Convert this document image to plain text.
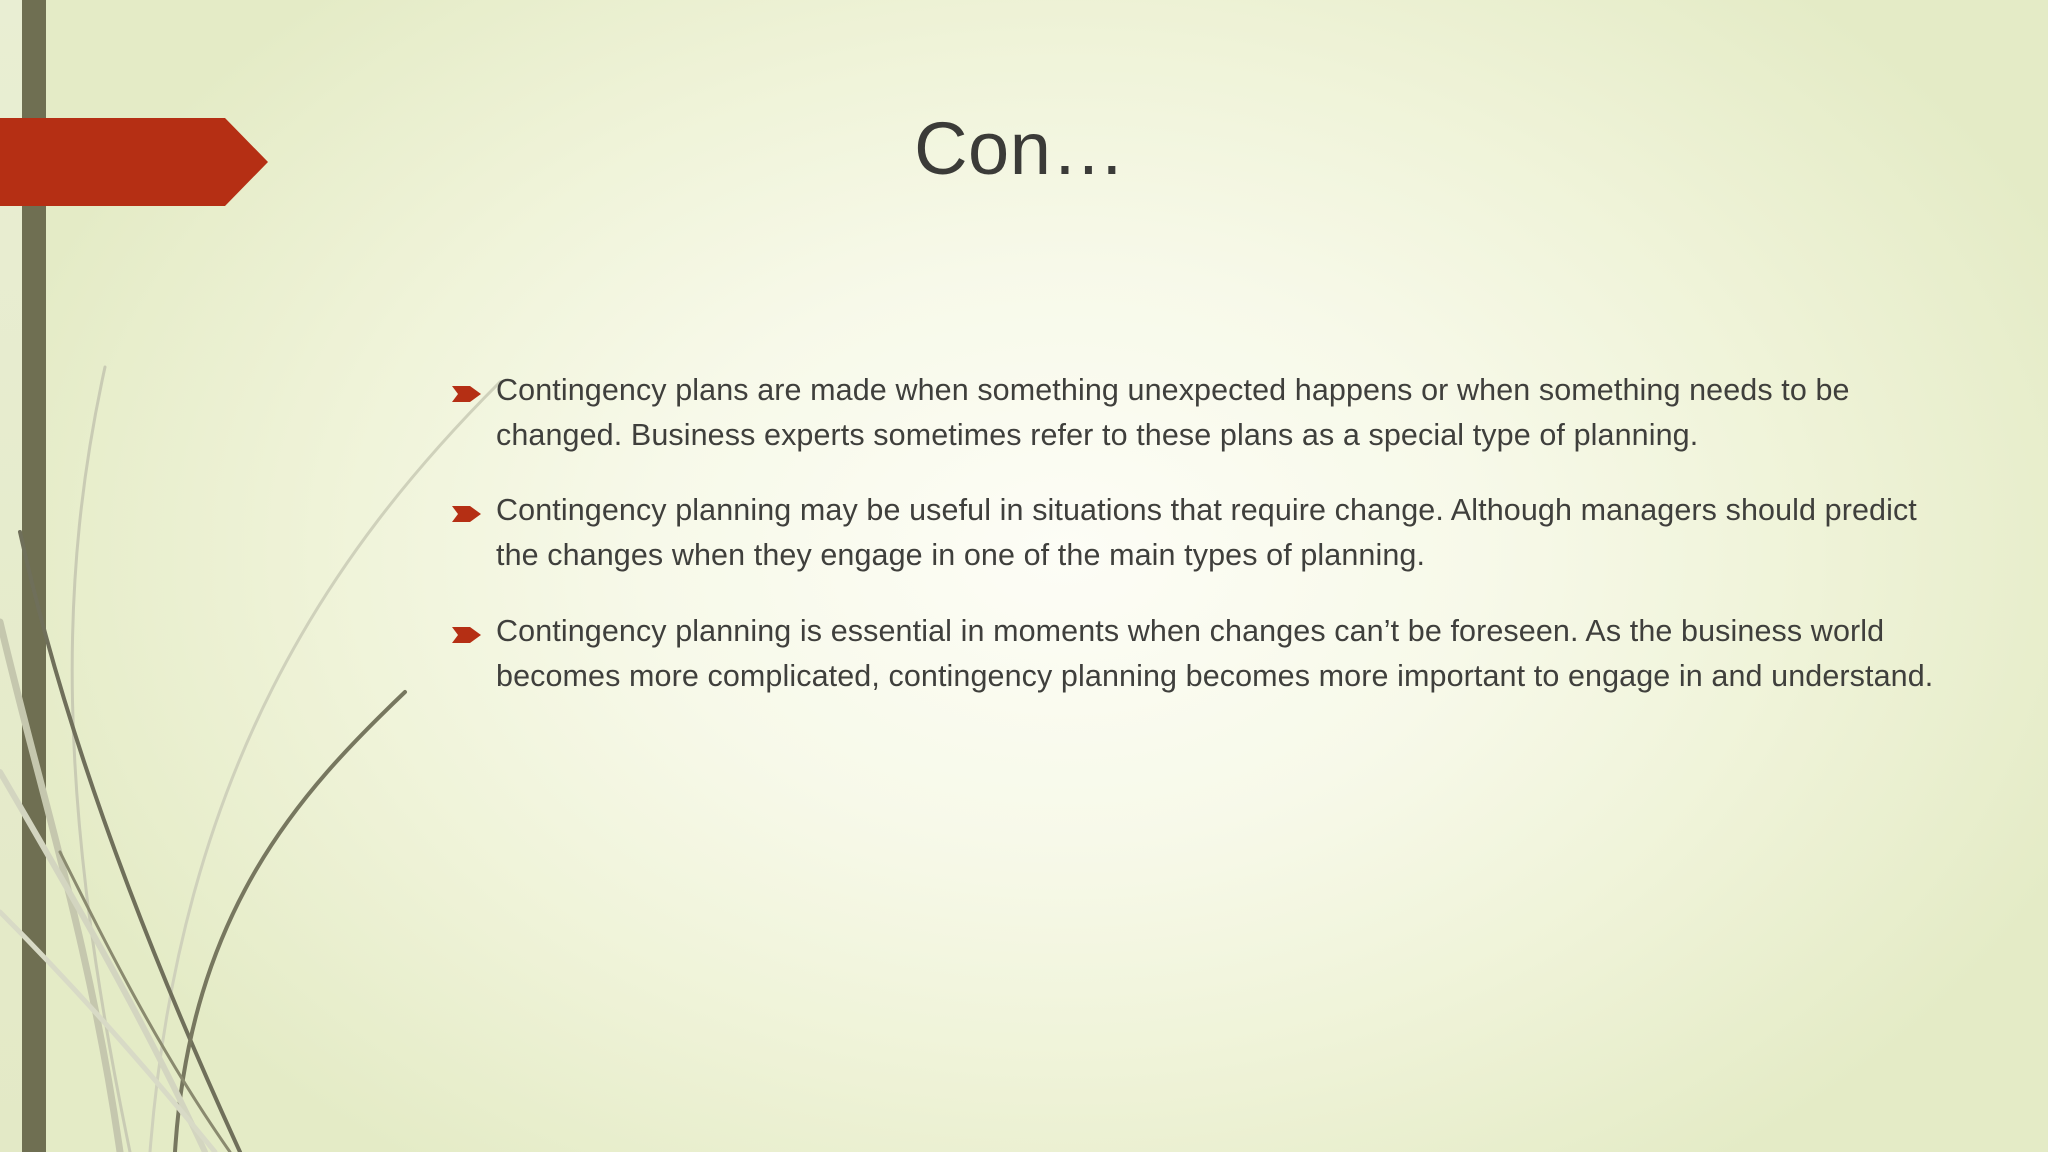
Con…
Contingency plans are made when something unexpected happens or when something needs to be changed. Business experts sometimes refer to these plans as a special type of planning.
Contingency planning may be useful in situations that require change. Although managers should predict the changes when they engage in one of the main types of planning.
Contingency planning is essential in moments when changes can’t be foreseen. As the business world becomes more complicated, contingency planning becomes more important to engage in and understand.
